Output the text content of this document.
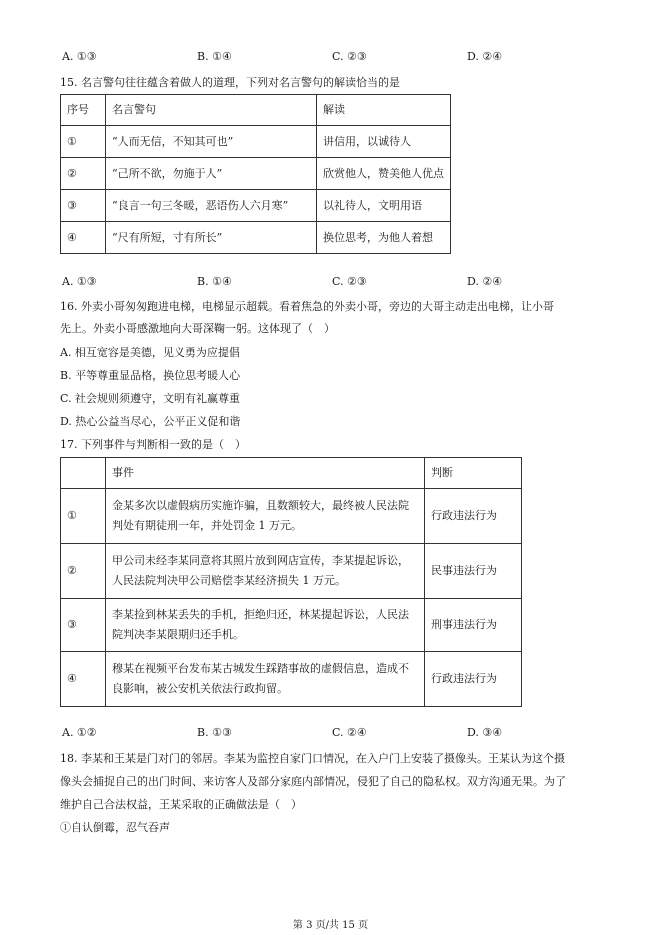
A. ①③	B. ①④	C. ②③	D. ②④
15. 名言警句往往蕴含着做人的道理，下列对名言警句的解读恰当的是
序号	名言警句	解读
①	“人而无信，不知其可也”	讲信用，以诚待人
②	“己所不欲，勿施于人”	欣赏他人，赞美他人优点
③	“良言一句三冬暖，恶语伤人六月寒”	以礼待人，文明用语
④	“尺有所短，寸有所长”	换位思考，为他人着想
A. ①③	B. ①④	C. ②③	D. ②④
16. 外卖小哥匆匆跑进电梯，电梯显示超载。看着焦急的外卖小哥，旁边的大哥主动走出电梯，让小哥
先上。外卖小哥感激地向大哥深鞠一躬。这体现了（　）
A. 相互宽容是美德，见义勇为应提倡
B. 平等尊重显品格，换位思考暖人心
C. 社会规则须遵守，文明有礼赢尊重
D. 热心公益当尽心，公平正义促和谐
17. 下列事件与判断相一致的是（　）
	事件	判断
①	金某多次以虚假病历实施诈骗，且数额较大，最终被人民法院判处有期徒刑一年，并处罚金 1 万元。	行政违法行为
②	甲公司未经李某同意将其照片放到网店宣传，李某提起诉讼，人民法院判决甲公司赔偿李某经济损失 1 万元。	民事违法行为
③	李某捡到林某丢失的手机，拒绝归还，林某提起诉讼，人民法院判决李某限期归还手机。	刑事违法行为
④	穆某在视频平台发布某古城发生踩踏事故的虚假信息，造成不良影响，被公安机关依法行政拘留。	行政违法行为
A. ①②	B. ①③	C. ②④	D. ③④
18. 李某和王某是门对门的邻居。李某为监控自家门口情况，在入户门上安装了摄像头。王某认为这个摄
像头会捕捉自己的出门时间、来访客人及部分家庭内部情况，侵犯了自己的隐私权。双方沟通无果。为了
维护自己合法权益，王某采取的正确做法是（　）
①自认倒霉，忍气吞声
第 3 页/共 15 页
